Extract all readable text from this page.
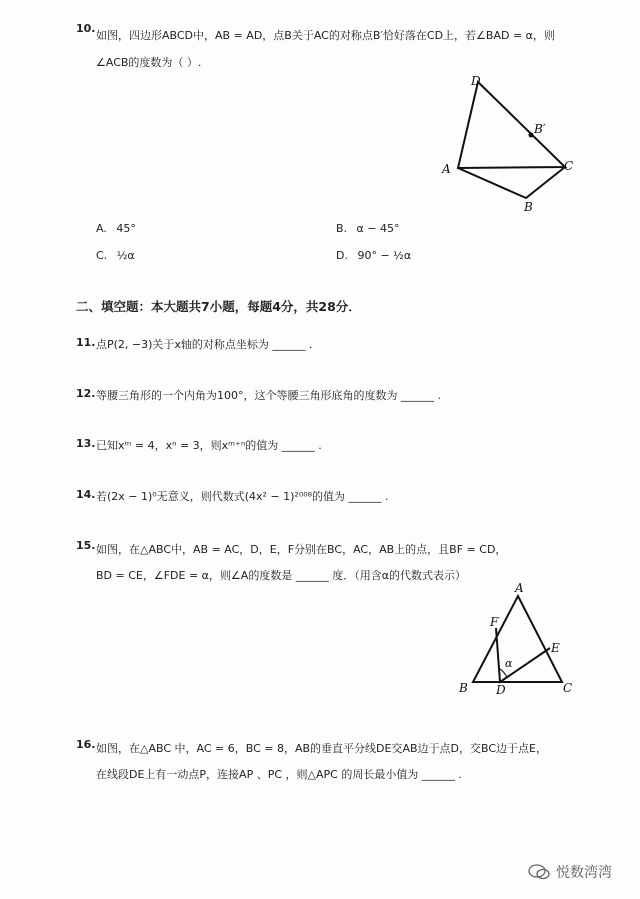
10.
如图，四边形ABCD中，AB = AD，点B关于AC的对称点B′恰好落在CD上，若∠BAD = α，则
∠ACB的度数为（ ）.
D
B′
A	C
B
A. 45°	B. α − 45°
C. ½α	D. 90° − ½α
二、填空题：本大题共7小题，每题4分，共28分．
11. 点P(2, −3)关于x轴的对称点坐标为 ______ .
12. 等腰三角形的一个内角为100°，这个等腰三角形底角的度数为 ______ .
13. 已知xᵐ = 4，xⁿ = 3，则xᵐ⁺ⁿ的值为 ______ .
14. 若(2x − 1)⁰无意义，则代数式(4x² − 1)²⁰⁰⁸的值为 ______ .
15. 如图，在△ABC中，AB = AC，D，E，F分别在BC，AC，AB上的点，且BF = CD，
BD = CE，∠FDE = α，则∠A的度数是 ______ 度．（用含α的代数式表示）
A
F
E
α
B D	C
16. 如图，在△ABC 中，AC = 6，BC = 8，AB的垂直平分线DE交AB边于点D，交BC边于点E，
在线段DE上有一动点P，连接AP 、PC ，则△APC 的周长最小值为 ______ .
悦数湾湾
